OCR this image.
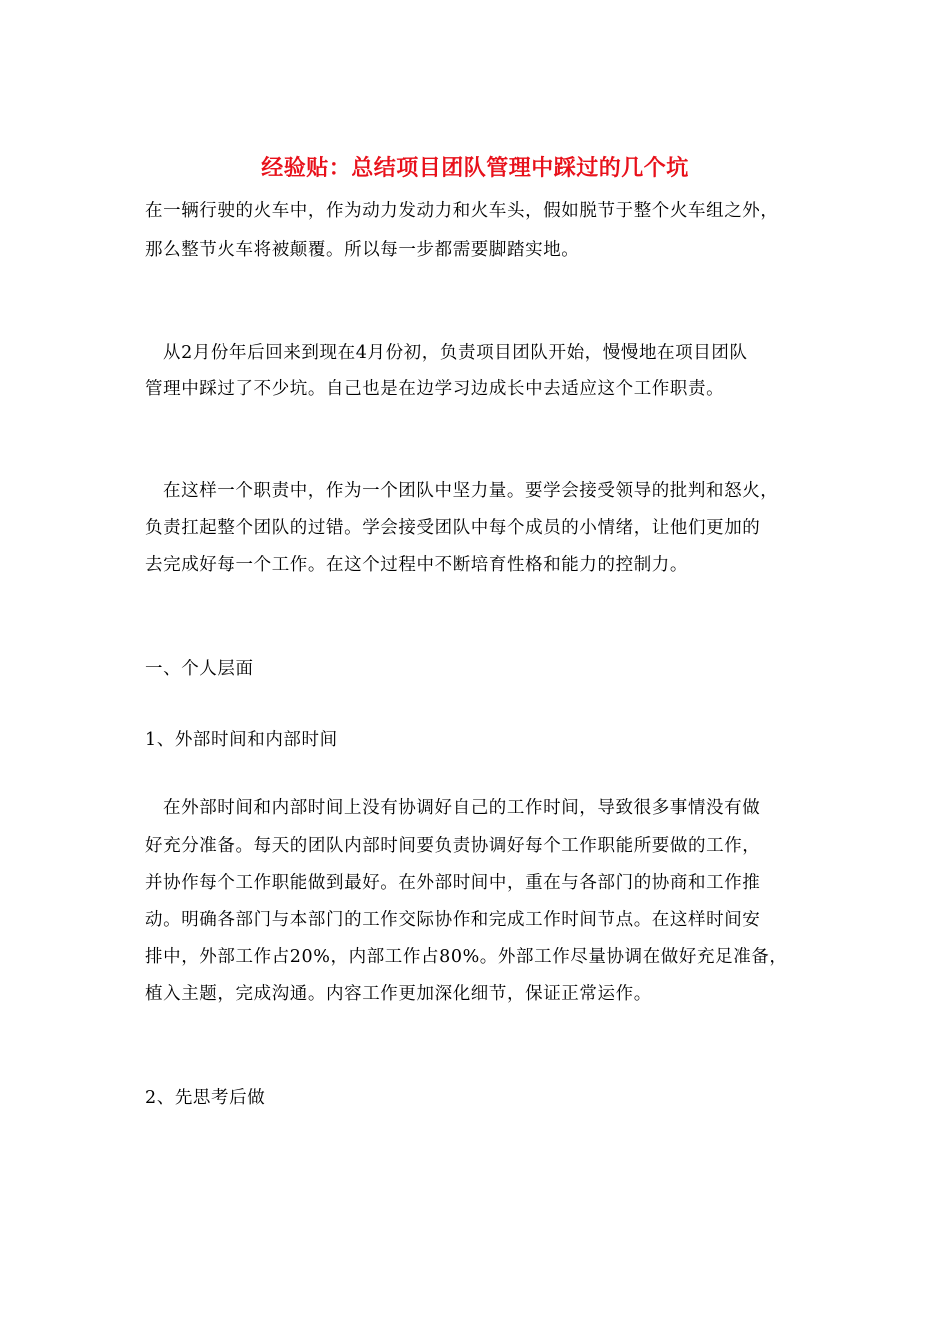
经验贴：总结项目团队管理中踩过的几个坑
在一辆行驶的火车中，作为动力发动力和火车头，假如脱节于整个火车组之外，
那么整节火车将被颠覆。所以每一步都需要脚踏实地。
从2月份年后回来到现在4月份初，负责项目团队开始，慢慢地在项目团队
管理中踩过了不少坑。自己也是在边学习边成长中去适应这个工作职责。
在这样一个职责中，作为一个团队中坚力量。要学会接受领导的批判和怒火，
负责扛起整个团队的过错。学会接受团队中每个成员的小情绪，让他们更加的
去完成好每一个工作。在这个过程中不断培育性格和能力的控制力。
一、个人层面
1、外部时间和内部时间
在外部时间和内部时间上没有协调好自己的工作时间，导致很多事情没有做
好充分准备。每天的团队内部时间要负责协调好每个工作职能所要做的工作，
并协作每个工作职能做到最好。在外部时间中，重在与各部门的协商和工作推
动。明确各部门与本部门的工作交际协作和完成工作时间节点。在这样时间安
排中，外部工作占20%，内部工作占80%。外部工作尽量协调在做好充足准备，
植入主题，完成沟通。内容工作更加深化细节，保证正常运作。
2、先思考后做
